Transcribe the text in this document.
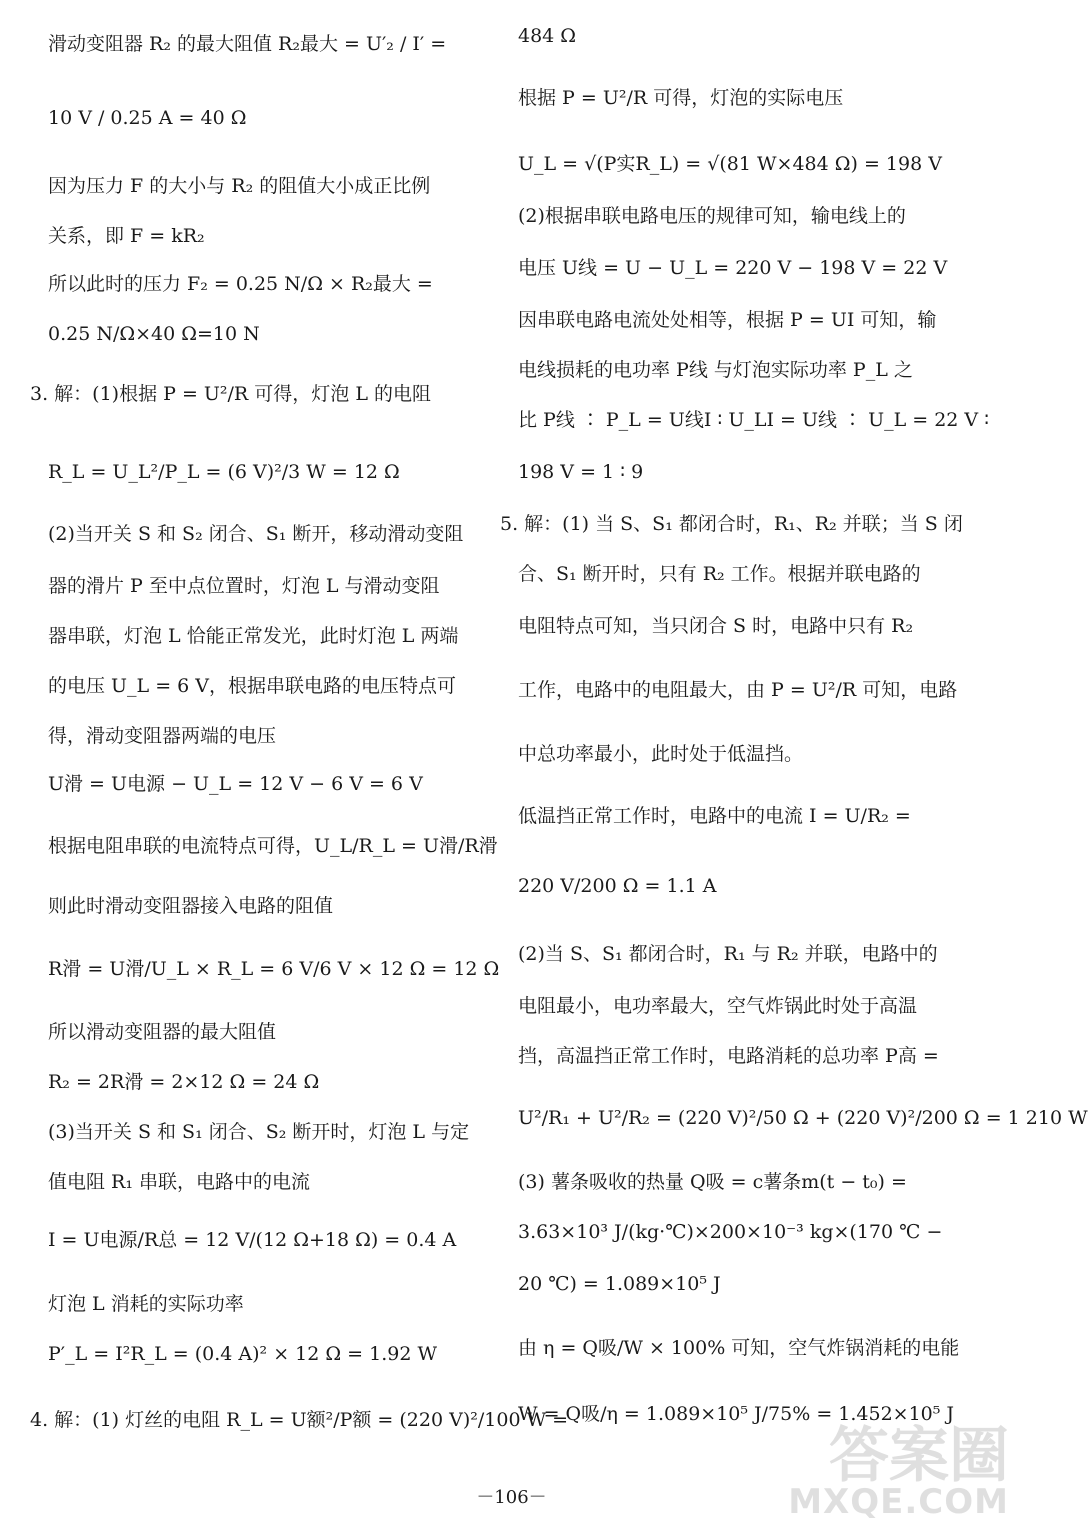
滑动变阻器 R₂ 的最大阻值 R₂最大 = U′₂ / I′ =
10 V / 0.25 A = 40 Ω
因为压力 F 的大小与 R₂ 的阻值大小成正比例
关系，即 F = kR₂
所以此时的压力 F₂ = 0.25 N/Ω × R₂最大 =
0.25 N/Ω×40 Ω=10 N
3. 解：(1)根据 P = U²/R 可得，灯泡 L 的电阻
R_L = U_L²/P_L = (6 V)²/3 W = 12 Ω
(2)当开关 S 和 S₂ 闭合、S₁ 断开，移动滑动变阻
器的滑片 P 至中点位置时，灯泡 L 与滑动变阻
器串联，灯泡 L 恰能正常发光，此时灯泡 L 两端
的电压 U_L = 6 V，根据串联电路的电压特点可
得，滑动变阻器两端的电压
U滑 = U电源 − U_L = 12 V − 6 V = 6 V
根据电阻串联的电流特点可得，U_L/R_L = U滑/R滑
则此时滑动变阻器接入电路的阻值
R滑 = U滑/U_L × R_L = 6 V/6 V × 12 Ω = 12 Ω
所以滑动变阻器的最大阻值
R₂ = 2R滑 = 2×12 Ω = 24 Ω
(3)当开关 S 和 S₁ 闭合、S₂ 断开时，灯泡 L 与定
值电阻 R₁ 串联，电路中的电流
I = U电源/R总 = 12 V/(12 Ω+18 Ω) = 0.4 A
灯泡 L 消耗的实际功率
P′_L = I²R_L = (0.4 A)² × 12 Ω = 1.92 W
4. 解：(1) 灯丝的电阻 R_L = U额²/P额 = (220 V)²/100 W =
484 Ω
根据 P = U²/R 可得，灯泡的实际电压
U_L = √(P实R_L) = √(81 W×484 Ω) = 198 V
(2)根据串联电路电压的规律可知，输电线上的
电压 U线 = U − U_L = 220 V − 198 V = 22 V
因串联电路电流处处相等，根据 P = UI 可知，输
电线损耗的电功率 P线 与灯泡实际功率 P_L 之
比 P线 ∶ P_L = U线I ∶ U_LI = U线 ∶ U_L = 22 V ∶
198 V = 1 ∶ 9
5. 解：(1) 当 S、S₁ 都闭合时，R₁、R₂ 并联；当 S 闭
合、S₁ 断开时，只有 R₂ 工作。根据并联电路的
电阻特点可知，当只闭合 S 时，电路中只有 R₂
工作，电路中的电阻最大，由 P = U²/R 可知，电路
中总功率最小，此时处于低温挡。
低温挡正常工作时，电路中的电流 I = U/R₂ =
220 V/200 Ω = 1.1 A
(2)当 S、S₁ 都闭合时，R₁ 与 R₂ 并联，电路中的
电阻最小，电功率最大，空气炸锅此时处于高温
挡，高温挡正常工作时，电路消耗的总功率 P高 =
U²/R₁ + U²/R₂ = (220 V)²/50 Ω + (220 V)²/200 Ω = 1 210 W
(3) 薯条吸收的热量 Q吸 = c薯条m(t − t₀) =
3.63×10³ J/(kg·℃)×200×10⁻³ kg×(170 ℃ −
20 ℃) = 1.089×10⁵ J
由 η = Q吸/W × 100% 可知，空气炸锅消耗的电能
W = Q吸/η = 1.089×10⁵ J/75% = 1.452×10⁵ J
－106－
答案圈
MXQE.COM
